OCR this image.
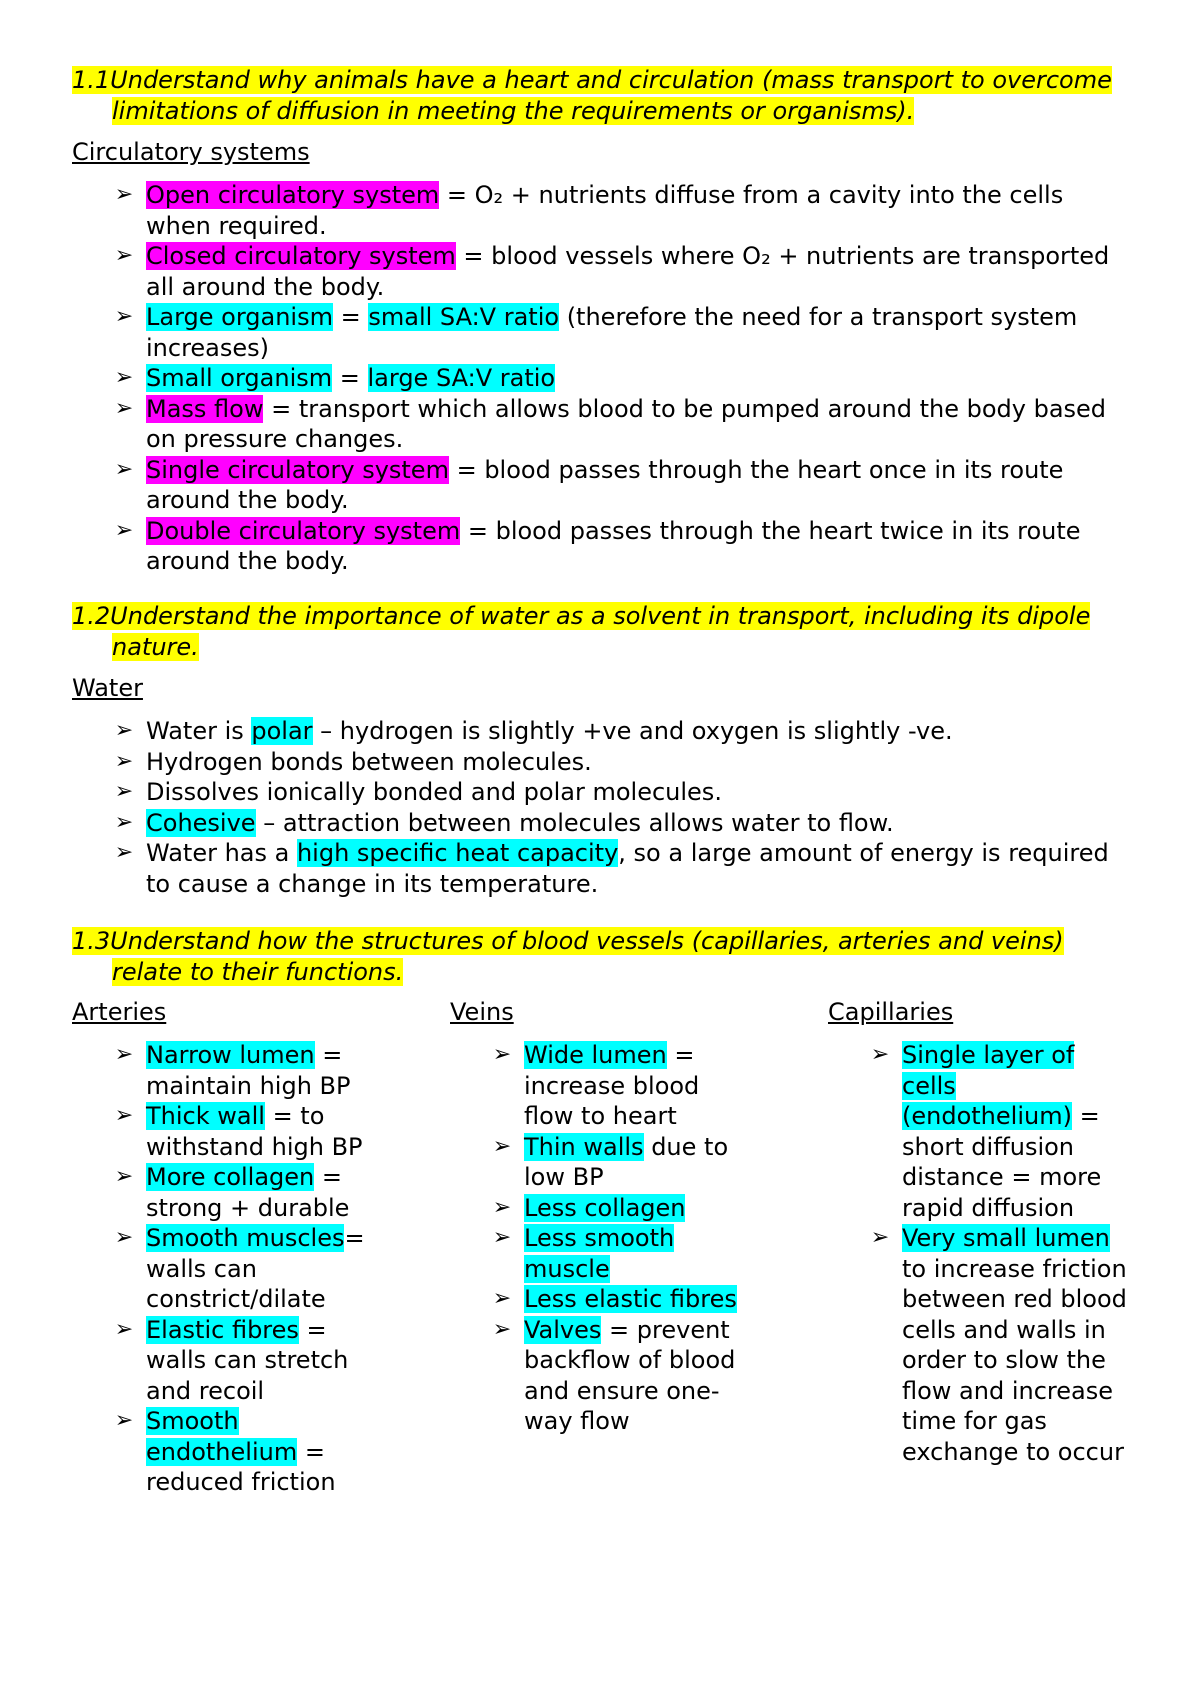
1.1Understand why animals have a heart and circulation (mass transport to overcome
limitations of diffusion in meeting the requirements or organisms).
Circulatory systems
➢ Open circulatory system = O₂ + nutrients diffuse from a cavity into the cells
when required.
➢ Closed circulatory system = blood vessels where O₂ + nutrients are transported
all around the body.
➢ Large organism = small SA:V ratio (therefore the need for a transport system
increases)
➢ Small organism = large SA:V ratio
➢ Mass flow = transport which allows blood to be pumped around the body based
on pressure changes.
➢ Single circulatory system = blood passes through the heart once in its route
around the body.
➢ Double circulatory system = blood passes through the heart twice in its route
around the body.
1.2Understand the importance of water as a solvent in transport, including its dipole
nature.
Water
➢ Water is polar – hydrogen is slightly +ve and oxygen is slightly -ve.
➢ Hydrogen bonds between molecules.
➢ Dissolves ionically bonded and polar molecules.
➢ Cohesive – attraction between molecules allows water to flow.
➢ Water has a high specific heat capacity, so a large amount of energy is required
to cause a change in its temperature.
1.3Understand how the structures of blood vessels (capillaries, arteries and veins)
relate to their functions.
Arteries	Veins	Capillaries
➢ Narrow lumen =
maintain high BP
➢ Thick wall = to
withstand high BP
➢ More collagen =
strong + durable
➢ Smooth muscles=
walls can
constrict/dilate
➢ Elastic fibres =
walls can stretch
and recoil
➢ Smooth
endothelium =
reduced friction
➢ Wide lumen =
increase blood
flow to heart
➢ Thin walls due to
low BP
➢ Less collagen
➢ Less smooth
muscle
➢ Less elastic fibres
➢ Valves = prevent
backflow of blood
and ensure one-
way flow
➢ Single layer of
cells
(endothelium) =
short diffusion
distance = more
rapid diffusion
➢ Very small lumen
to increase friction
between red blood
cells and walls in
order to slow the
flow and increase
time for gas
exchange to occur
